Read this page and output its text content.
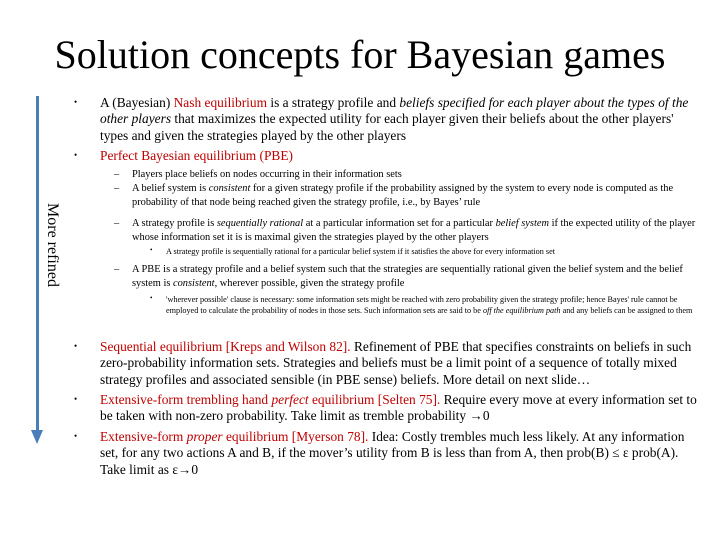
Solution concepts for Bayesian games
More refined
• A (Bayesian) Nash equilibrium is a strategy profile and beliefs specified for each player about the types of the other players that maximizes the expected utility for each player given their beliefs about the other players' types and given the strategies played by the other players
• Perfect Bayesian equilibrium (PBE)
– Players place beliefs on nodes occurring in their information sets
– A belief system is consistent for a given strategy profile if the probability assigned by the system to every node is computed as the probability of that node being reached given the strategy profile, i.e., by Bayes’ rule
– A strategy profile is sequentially rational at a particular information set for a particular belief system if the expected utility of the player whose information set it is is maximal given the strategies played by the other players
• A strategy profile is sequentially rational for a particular belief system if it satisfies the above for every information set
– A PBE is a strategy profile and a belief system such that the strategies are sequentially rational given the belief system and the belief system is consistent, wherever possible, given the strategy profile
• 'wherever possible' clause is necessary: some information sets might be reached with zero probability given the strategy profile; hence Bayes' rule cannot be employed to calculate the probability of nodes in those sets. Such information sets are said to be off the equilibrium path and any beliefs can be assigned to them
• Sequential equilibrium [Kreps and Wilson 82]. Refinement of PBE that specifies constraints on beliefs in such zero-probability information sets. Strategies and beliefs must be a limit point of a sequence of totally mixed strategy profiles and associated sensible (in PBE sense) beliefs. More detail on next slide…
• Extensive-form trembling hand perfect equilibrium [Selten 75]. Require every move at every information set to be taken with non-zero probability. Take limit as tremble probability →0
• Extensive-form proper equilibrium [Myerson 78]. Idea: Costly trembles much less likely. At any information set, for any two actions A and B, if the mover’s utility from B is less than from A, then prob(B) ≤ ε prob(A). Take limit as ε→0
